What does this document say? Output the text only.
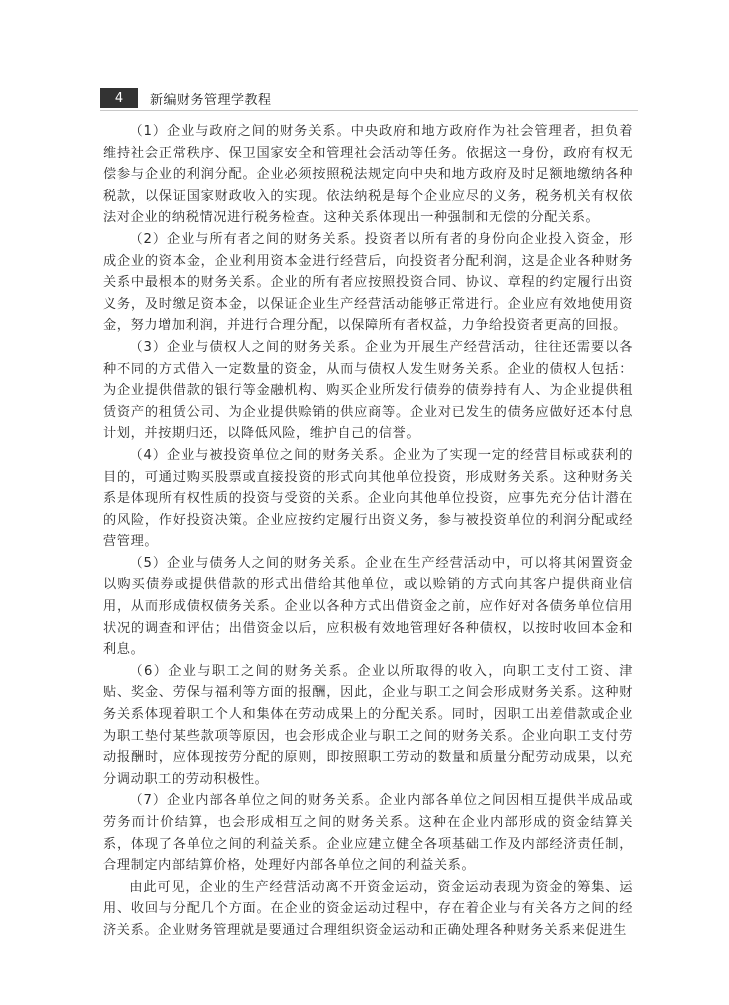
4	新编财务管理学教程

（1）企业与政府之间的财务关系。中央政府和地方政府作为社会管理者，担负着维持社会正常秩序、保卫国家安全和管理社会活动等任务。依据这一身份，政府有权无偿参与企业的利润分配。企业必须按照税法规定向中央和地方政府及时足额地缴纳各种税款，以保证国家财政收入的实现。依法纳税是每个企业应尽的义务，税务机关有权依法对企业的纳税情况进行税务检查。这种关系体现出一种强制和无偿的分配关系。

（2）企业与所有者之间的财务关系。投资者以所有者的身份向企业投入资金，形成企业的资本金，企业利用资本金进行经营后，向投资者分配利润，这是企业各种财务关系中最根本的财务关系。企业的所有者应按照投资合同、协议、章程的约定履行出资义务，及时缴足资本金，以保证企业生产经营活动能够正常进行。企业应有效地使用资金，努力增加利润，并进行合理分配，以保障所有者权益，力争给投资者更高的回报。

（3）企业与债权人之间的财务关系。企业为开展生产经营活动，往往还需要以各种不同的方式借入一定数量的资金，从而与债权人发生财务关系。企业的债权人包括：为企业提供借款的银行等金融机构、购买企业所发行债券的债券持有人、为企业提供租赁资产的租赁公司、为企业提供赊销的供应商等。企业对已发生的债务应做好还本付息计划，并按期归还，以降低风险，维护自己的信誉。

（4）企业与被投资单位之间的财务关系。企业为了实现一定的经营目标或获利的目的，可通过购买股票或直接投资的形式向其他单位投资，形成财务关系。这种财务关系是体现所有权性质的投资与受资的关系。企业向其他单位投资，应事先充分估计潜在的风险，作好投资决策。企业应按约定履行出资义务，参与被投资单位的利润分配或经营管理。

（5）企业与债务人之间的财务关系。企业在生产经营活动中，可以将其闲置资金以购买债券或提供借款的形式出借给其他单位，或以赊销的方式向其客户提供商业信用，从而形成债权债务关系。企业以各种方式出借资金之前，应作好对各债务单位信用状况的调查和评估；出借资金以后，应积极有效地管理好各种债权，以按时收回本金和利息。

（6）企业与职工之间的财务关系。企业以所取得的收入，向职工支付工资、津贴、奖金、劳保与福利等方面的报酬，因此，企业与职工之间会形成财务关系。这种财务关系体现着职工个人和集体在劳动成果上的分配关系。同时，因职工出差借款或企业为职工垫付某些款项等原因，也会形成企业与职工之间的财务关系。企业向职工支付劳动报酬时，应体现按劳分配的原则，即按照职工劳动的数量和质量分配劳动成果，以充分调动职工的劳动积极性。

（7）企业内部各单位之间的财务关系。企业内部各单位之间因相互提供半成品或劳务而计价结算，也会形成相互之间的财务关系。这种在企业内部形成的资金结算关系，体现了各单位之间的利益关系。企业应建立健全各项基础工作及内部经济责任制，合理制定内部结算价格，处理好内部各单位之间的利益关系。

由此可见，企业的生产经营活动离不开资金运动，资金运动表现为资金的筹集、运用、收回与分配几个方面。在企业的资金运动过程中，存在着企业与有关各方之间的经济关系。企业财务管理就是要通过合理组织资金运动和正确处理各种财务关系来促进生
